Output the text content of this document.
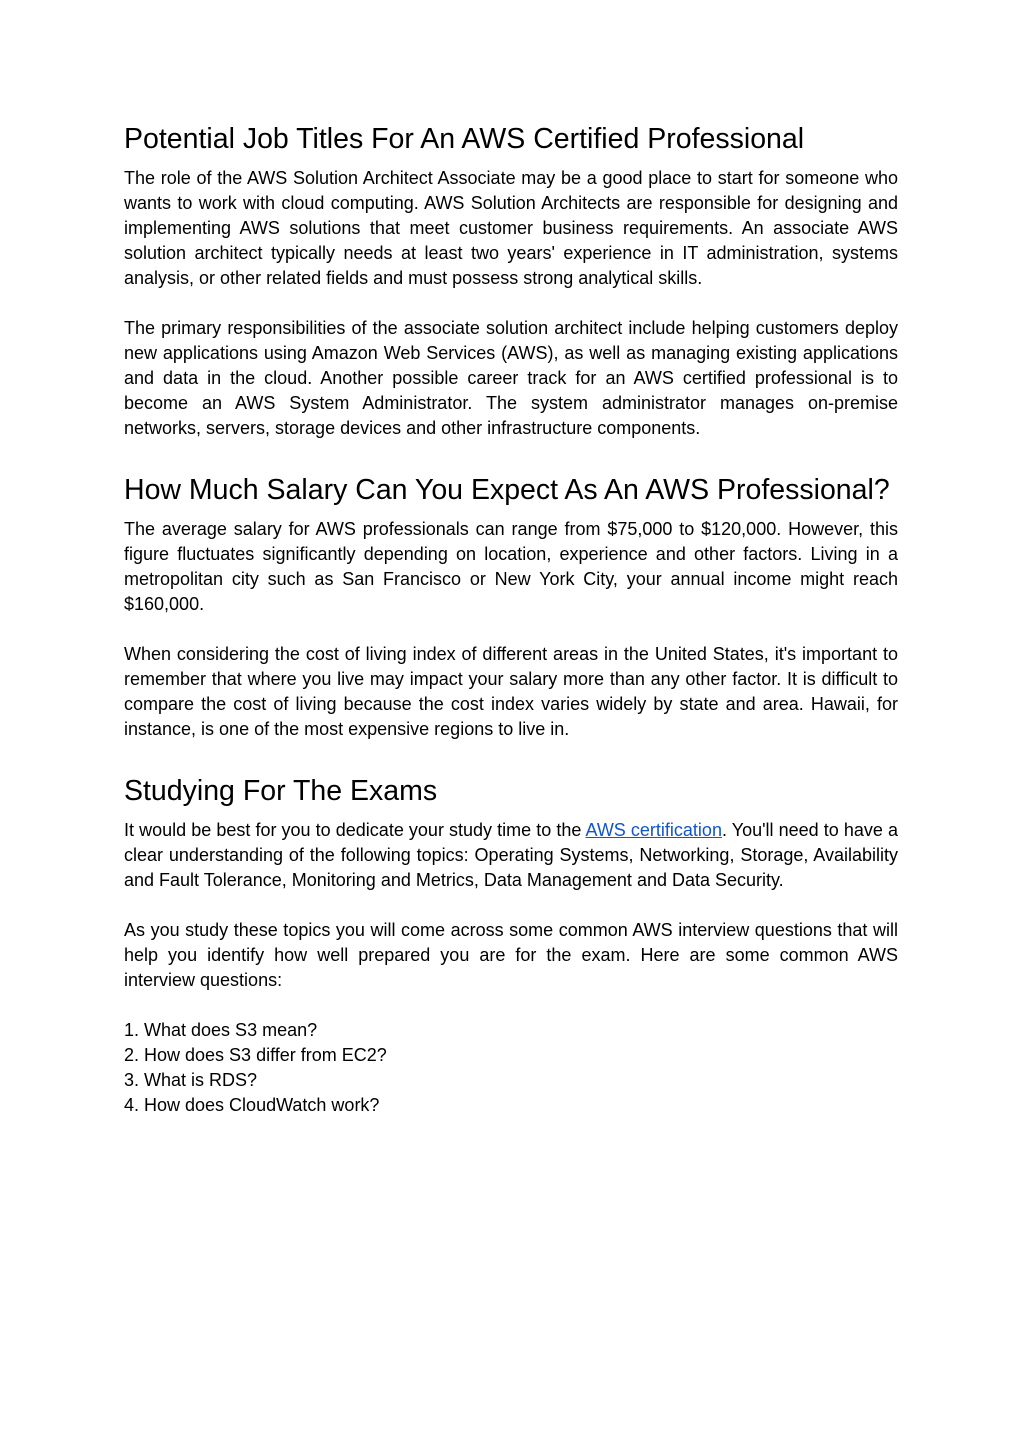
Potential Job Titles For An AWS Certified Professional

The role of the AWS Solution Architect Associate may be a good place to start for someone who wants to work with cloud computing. AWS Solution Architects are responsible for designing and implementing AWS solutions that meet customer business requirements. An associate AWS solution architect typically needs at least two years' experience in IT administration, systems analysis, or other related fields and must possess strong analytical skills.

The primary responsibilities of the associate solution architect include helping customers deploy new applications using Amazon Web Services (AWS), as well as managing existing applications and data in the cloud. Another possible career track for an AWS certified professional is to become an AWS System Administrator. The system administrator manages on-premise networks, servers, storage devices and other infrastructure components.

How Much Salary Can You Expect As An AWS Professional?

The average salary for AWS professionals can range from $75,000 to $120,000. However, this figure fluctuates significantly depending on location, experience and other factors. Living in a metropolitan city such as San Francisco or New York City, your annual income might reach $160,000.

When considering the cost of living index of different areas in the United States, it's important to remember that where you live may impact your salary more than any other factor. It is difficult to compare the cost of living because the cost index varies widely by state and area. Hawaii, for instance, is one of the most expensive regions to live in.

Studying For The Exams

It would be best for you to dedicate your study time to the AWS certification. You'll need to have a clear understanding of the following topics: Operating Systems, Networking, Storage, Availability and Fault Tolerance, Monitoring and Metrics, Data Management and Data Security.

As you study these topics you will come across some common AWS interview questions that will help you identify how well prepared you are for the exam. Here are some common AWS interview questions:

1. What does S3 mean?
2. How does S3 differ from EC2?
3. What is RDS?
4. How does CloudWatch work?
